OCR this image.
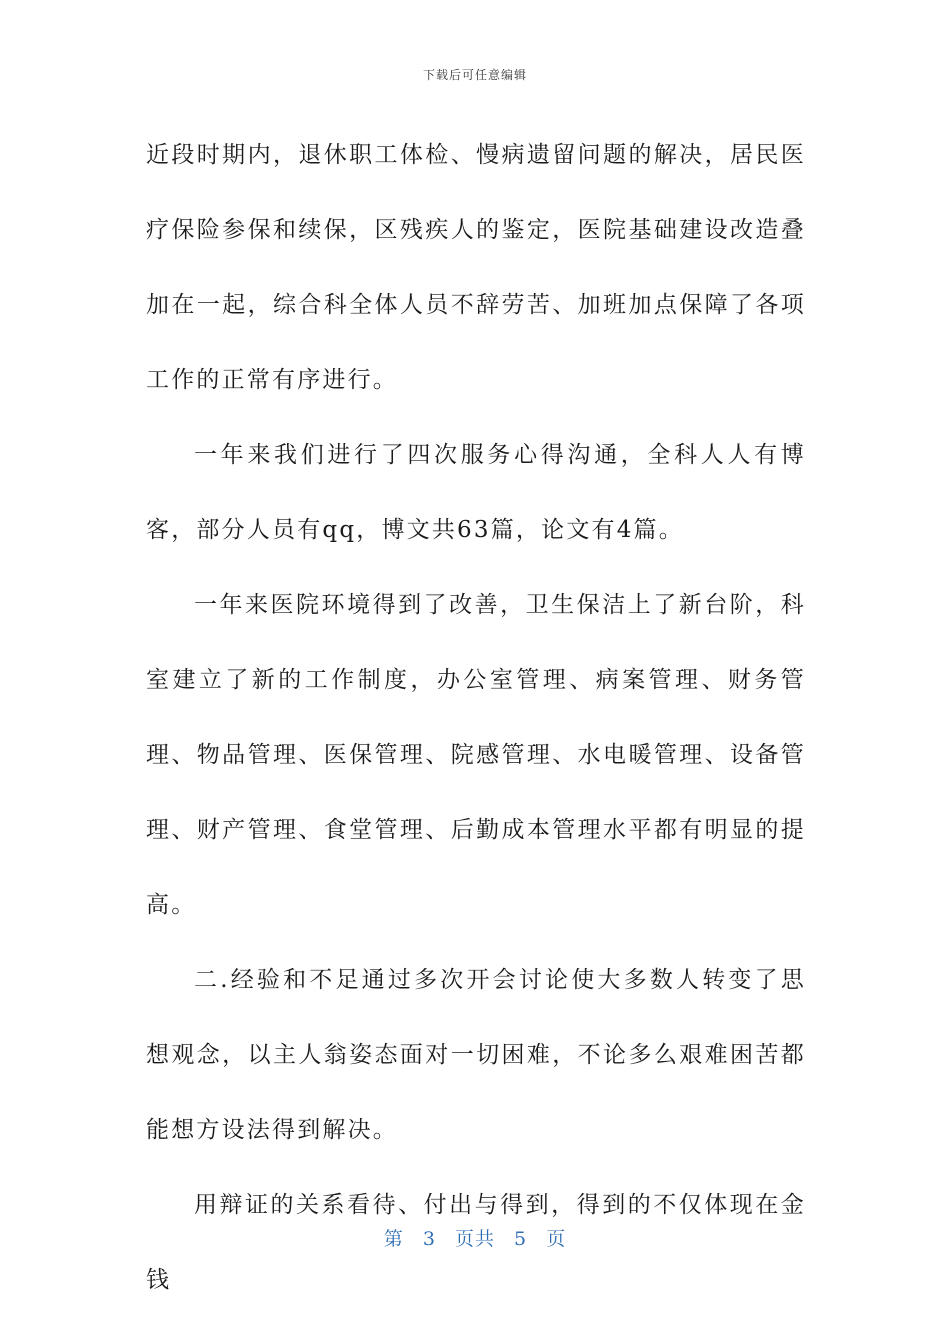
下载后可任意编辑

近段时期内，退休职工体检、慢病遗留问题的解决，居民医疗保险参保和续保，区残疾人的鉴定，医院基础建设改造叠加在一起，综合科全体人员不辞劳苦、加班加点保障了各项工作的正常有序进行。

一年来我们进行了四次服务心得沟通，全科人人有博客，部分人员有qq，博文共63篇，论文有4篇。

一年来医院环境得到了改善，卫生保洁上了新台阶，科室建立了新的工作制度，办公室管理、病案管理、财务管理、物品管理、医保管理、院感管理、水电暖管理、设备管理、财产管理、食堂管理、后勤成本管理水平都有明显的提高。

二.经验和不足通过多次开会讨论使大多数人转变了思想观念，以主人翁姿态面对一切困难，不论多么艰难困苦都能想方设法得到解决。

用辩证的关系看待、付出与得到，得到的不仅体现在金钱

第 3 页共 5 页
